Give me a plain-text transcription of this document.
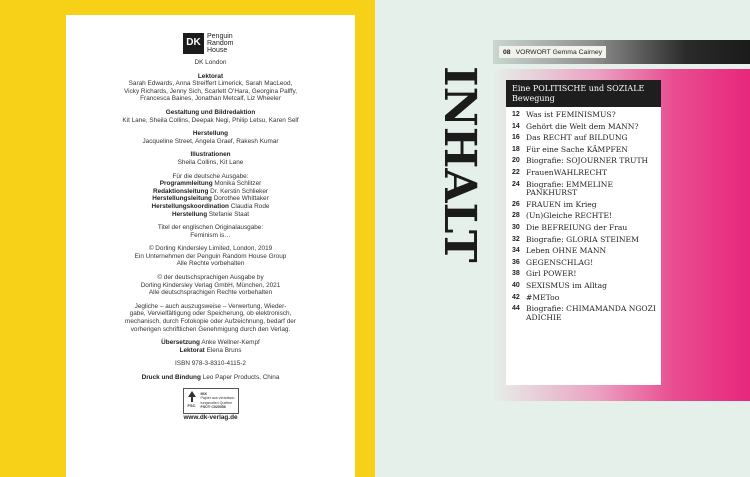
DK
Penguin
Random
House

DK London

Lektorat

Sarah Edwards, Anna Streiffert Limerick, Sarah MacLeod,

Vicky Richards, Jenny Sich, Scarlett O’Hara, Georgina Palffy,

Francesca Baines, Jonathan Metcalf, Liz Wheeler

Gestaltung und Bildredaktion

Kit Lane, Sheila Collins, Deepak Negi, Philip Letsu, Karen Self

Herstellung

Jacqueline Street, Angela Graef, Rakesh Kumar

Illustrationen

Sheila Collins, Kit Lane

Für die deutsche Ausgabe:

Programmleitung Monika Schlitzer

Redaktionsleitung Dr. Kerstin Schlieker

Herstellungsleitung Dorothee Whittaker

Herstellungskoordination Claudia Rode

Herstellung Stefanie Staat

Titel der englischen Originalausgabe:

Feminism is…

© Dorling Kindersley Limited, London, 2019

Ein Unternehmen der Penguin Random House Group

Alle Rechte vorbehalten

© der deutschsprachigen Ausgabe by

Dorling Kindersley Verlag GmbH, München, 2021

Alle deutschsprachigen Rechte vorbehalten

Jegliche – auch auszugsweise – Verwertung, Wieder-

gabe, Vervielfältigung oder Speicherung, ob elektronisch,

mechanisch, durch Fotokopie oder Aufzeichnung, bedarf der

vorherigen schriftlichen Genehmigung durch den Verlag.

Übersetzung Anke Wellner-Kempf

Lektorat Elena Bruns

ISBN 978-3-8310-4115-2

Druck und Bindung Leo Paper Products, China

FSC
MIX
Papier aus verantwor-
tungsvollen Quellen
FSC® C020056

www.dk-verlag.de

08 VORWORT Gemma Cairney
INHALT	Eine POLITISCHE und SOZIALE Bewegung
12 Was ist FEMINISMUS?
14 Gehört die Welt dem MANN?
16 Das RECHT auf BILDUNG
18 Für eine Sache KÄMPFEN
20 Biografie: SOJOURNER TRUTH
22 FrauenWAHLRECHT
24 Biografie: EMMELINE PANKHURST
26 FRAUEN im Krieg
28 (Un)Gleiche RECHTE!
30 Die BEFREIUNG der Frau
32 Biografie: GLORIA STEINEM
34 Leben OHNE MANN
36 GEGENSCHLAG!
38 Girl POWER!
40 SEXISMUS im Alltag
42 #METoo
44 Biografie: CHIMAMANDA NGOZI ADICHIE
